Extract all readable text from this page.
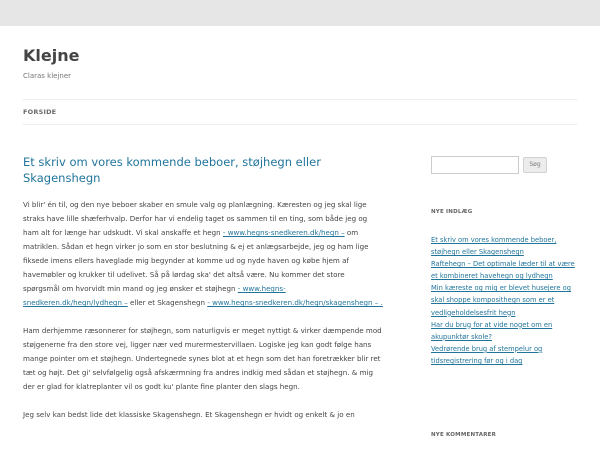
Klejne
Claras klejner
FORSIDE
Et skriv om vores kommende beboer, støjhegn eller Skagenshegn

Vi blir' én til, og den nye beboer skaber en smule valg og planlægning. Kæresten og jeg skal lige straks have lille shæferhvalp. Derfor har vi endelig taget os sammen til en ting, som både jeg og ham alt for længe har udskudt. Vi skal anskaffe et hegn - www.hegns-snedkeren.dk/hegn – om matriklen. Sådan et hegn virker jo som en stor beslutning & ej et anlægsarbejde, jeg og ham lige fiksede imens ellers haveglade mig begynder at komme ud og nyde haven og købe hjem af havemøbler og krukker til udelivet. Så på lørdag ska' det altså være. Nu kommer det store spørgsmål om hvorvidt min mand og jeg ønsker et støjhegn - www.hegns-snedkeren.dk/hegn/lydhegn – eller et Skagenshegn - www.hegns-snedkeren.dk/hegn/skagenshegn – .

Ham derhjemme ræsonnerer for støjhegn, som naturligvis er meget nyttigt & virker dæmpende mod støjgenerne fra den store vej, ligger nær ved murermestervillaen. Logiske jeg kan godt følge hans mange pointer om et støjhegn. Undertegnede synes blot at et hegn som det han foretrækker blir ret tæt og højt. Det gi' selvfølgelig også afskærmning fra andres indkig med sådan et støjhegn. & mig der er glad for klatreplanter vil os godt ku' plante fine planter den slags hegn.

Jeg selv kan bedst lide det klassiske Skagenshegn. Et Skagenshegn er hvidt og enkelt & jo en

Søg
NYE INDLÆG
Et skriv om vores kommende beboer, støjhegn eller Skagenshegn
Raftehegn – Det optimale læder til at være et kombineret havehegn og lydhegn
Min kæreste og mig er blevet husejere og skal shoppe komposithegn som er et vedligeholdelsesfrit hegn
Har du brug for at vide noget om en akupunktør skole?
Vedrørende brug af stempelur og tidsregistrering før og i dag
NYE KOMMENTARER
